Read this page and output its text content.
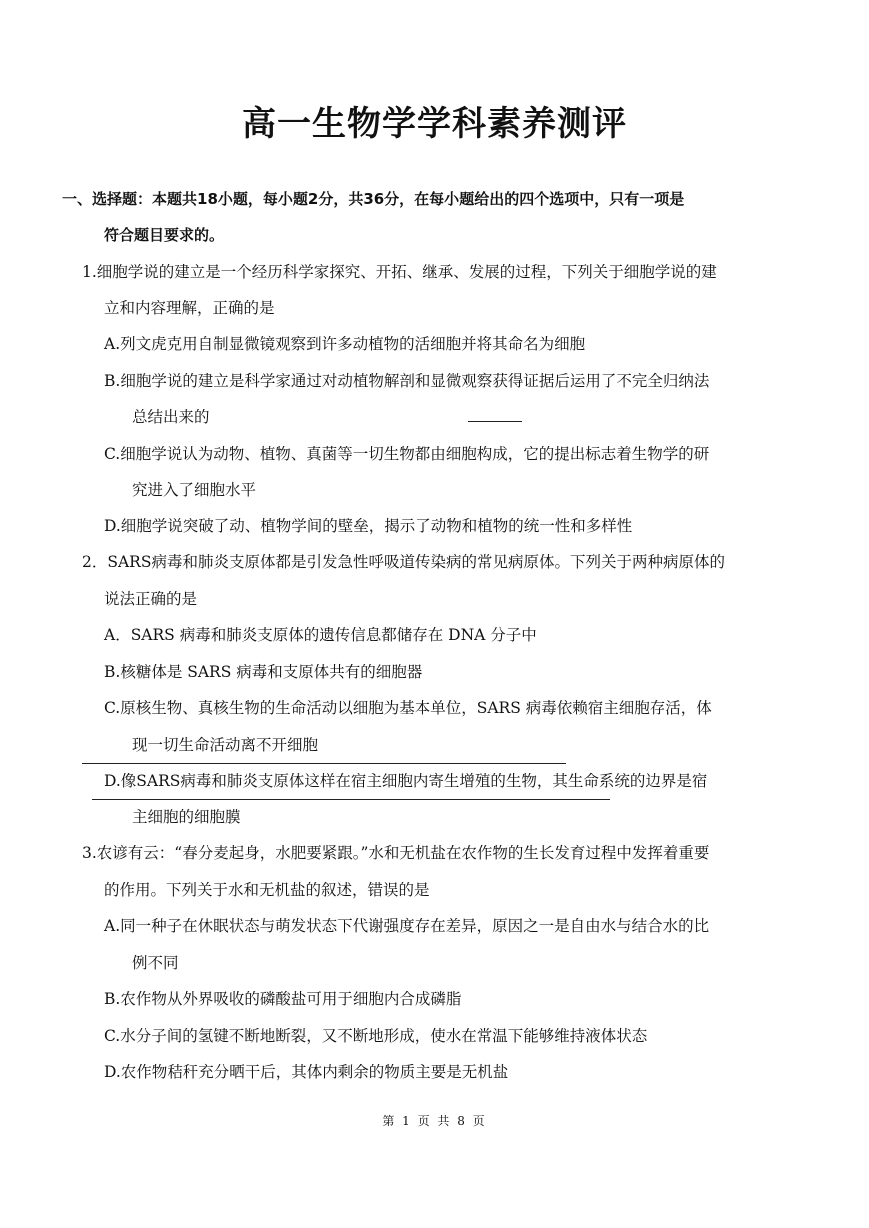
高一生物学学科素养测评
一、选择题：本题共18小题，每小题2分，共36分，在每小题给出的四个选项中，只有一项是
符合题目要求的。
1.细胞学说的建立是一个经历科学家探究、开拓、继承、发展的过程，下列关于细胞学说的建
立和内容理解，正确的是
A.列文虎克用自制显微镜观察到许多动植物的活细胞并将其命名为细胞
B.细胞学说的建立是科学家通过对动植物解剖和显微观察获得证据后运用了不完全归纳法
总结出来的
C.细胞学说认为动物、植物、真菌等一切生物都由细胞构成，它的提出标志着生物学的研
究进入了细胞水平
D.细胞学说突破了动、植物学间的壁垒，揭示了动物和植物的统一性和多样性
2．SARS病毒和肺炎支原体都是引发急性呼吸道传染病的常见病原体。下列关于两种病原体的
说法正确的是
A．SARS 病毒和肺炎支原体的遗传信息都储存在 DNA 分子中
B.核糖体是 SARS 病毒和支原体共有的细胞器
C.原核生物、真核生物的生命活动以细胞为基本单位，SARS 病毒依赖宿主细胞存活，体
现一切生命活动离不开细胞
D.像SARS病毒和肺炎支原体这样在宿主细胞内寄生增殖的生物，其生命系统的边界是宿
主细胞的细胞膜
3.农谚有云：“春分麦起身，水肥要紧跟。”水和无机盐在农作物的生长发育过程中发挥着重要
的作用。下列关于水和无机盐的叙述，错误的是
A.同一种子在休眠状态与萌发状态下代谢强度存在差异，原因之一是自由水与结合水的比
例不同
B.农作物从外界吸收的磷酸盐可用于细胞内合成磷脂
C.水分子间的氢键不断地断裂，又不断地形成，使水在常温下能够维持液体状态
D.农作物秸秆充分晒干后，其体内剩余的物质主要是无机盐
第 1 页 共 8 页
